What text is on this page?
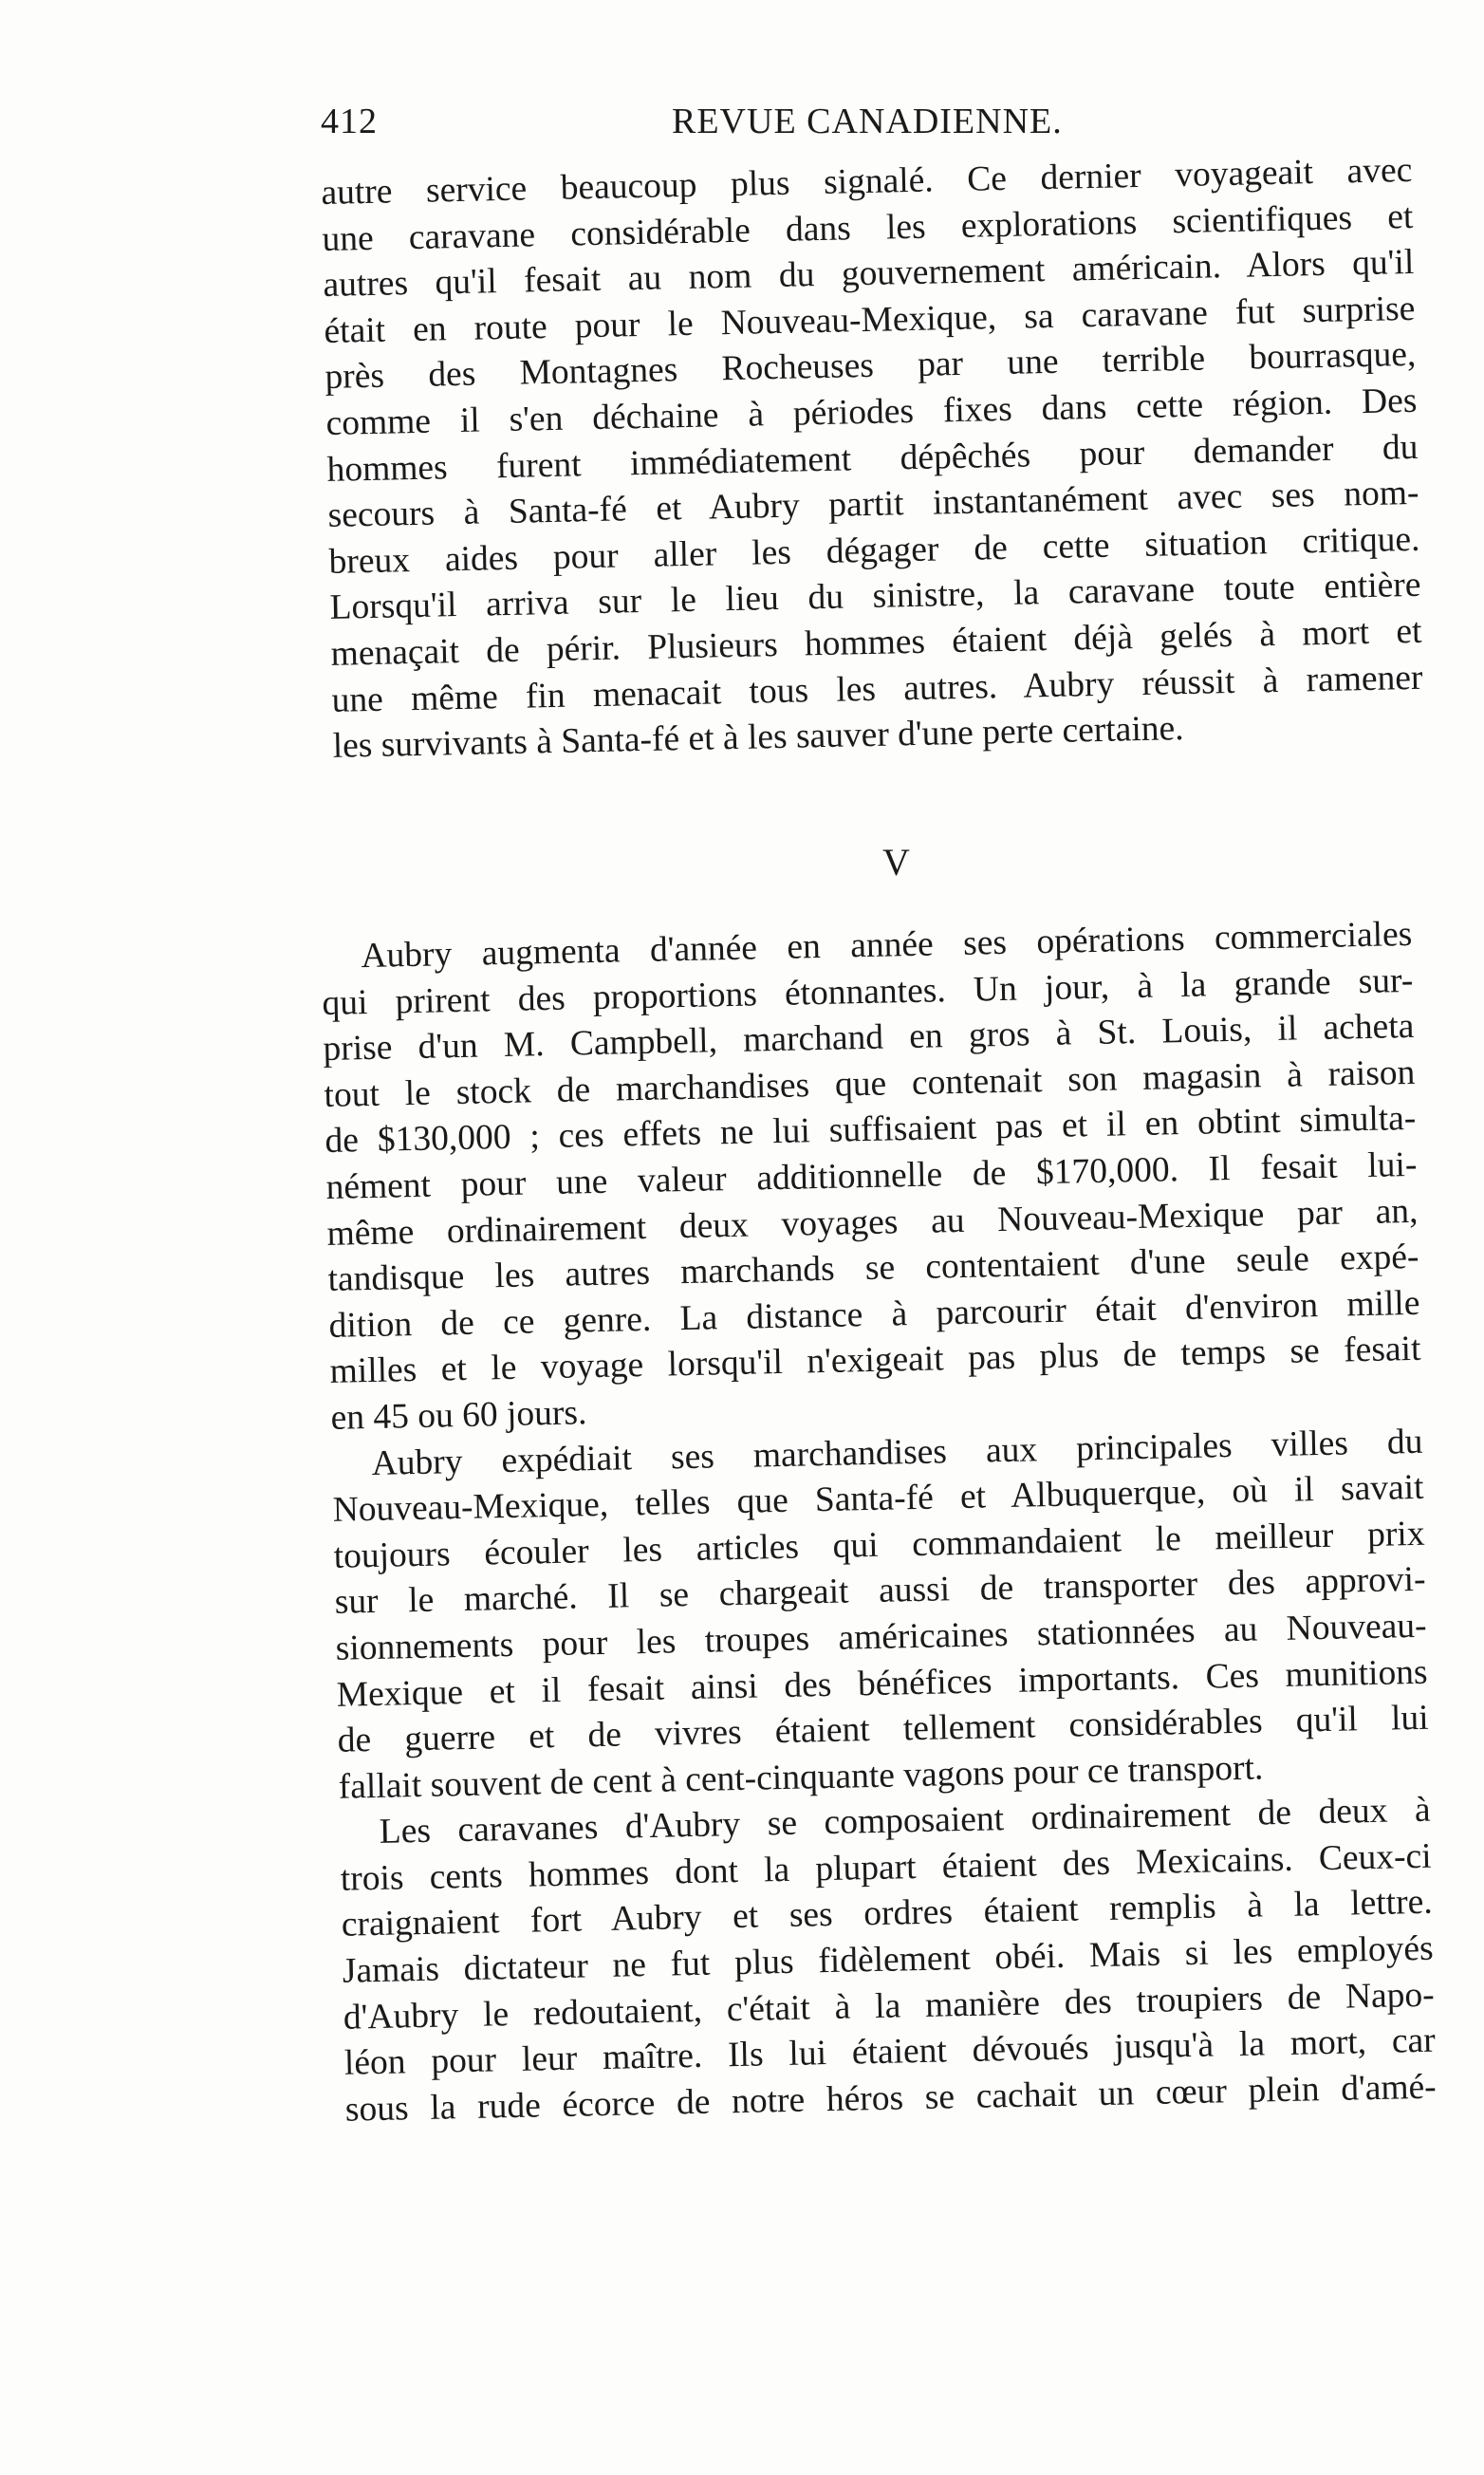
412	REVUE CANADIENNE.
autre service beaucoup plus signalé. Ce dernier voyageait avec
une caravane considérable dans les explorations scientifiques et
autres qu'il fesait au nom du gouvernement américain. Alors qu'il
était en route pour le Nouveau-Mexique, sa caravane fut surprise
près des Montagnes Rocheuses par une terrible bourrasque,
comme il s'en déchaine à périodes fixes dans cette région. Des
hommes furent immédiatement dépêchés pour demander du
secours à Santa-fé et Aubry partit instantanément avec ses nom-
breux aides pour aller les dégager de cette situation critique.
Lorsqu'il arriva sur le lieu du sinistre, la caravane toute entière
menaçait de périr. Plusieurs hommes étaient déjà gelés à mort et
une même fin menacait tous les autres. Aubry réussit à ramener
les survivants à Santa-fé et à les sauver d'une perte certaine.
V
Aubry augmenta d'année en année ses opérations commerciales
qui prirent des proportions étonnantes. Un jour, à la grande sur-
prise d'un M. Campbell, marchand en gros à St. Louis, il acheta
tout le stock de marchandises que contenait son magasin à raison
de $130,000 ; ces effets ne lui suffisaient pas et il en obtint simulta-
nément pour une valeur additionnelle de $170,000. Il fesait lui-
même ordinairement deux voyages au Nouveau-Mexique par an,
tandisque les autres marchands se contentaient d'une seule expé-
dition de ce genre. La distance à parcourir était d'environ mille
milles et le voyage lorsqu'il n'exigeait pas plus de temps se fesait
en 45 ou 60 jours.
Aubry expédiait ses marchandises aux principales villes du
Nouveau-Mexique, telles que Santa-fé et Albuquerque, où il savait
toujours écouler les articles qui commandaient le meilleur prix
sur le marché. Il se chargeait aussi de transporter des approvi-
sionnements pour les troupes américaines stationnées au Nouveau-
Mexique et il fesait ainsi des bénéfices importants. Ces munitions
de guerre et de vivres étaient tellement considérables qu'il lui
fallait souvent de cent à cent-cinquante vagons pour ce transport.
Les caravanes d'Aubry se composaient ordinairement de deux à
trois cents hommes dont la plupart étaient des Mexicains. Ceux-ci
craignaient fort Aubry et ses ordres étaient remplis à la lettre.
Jamais dictateur ne fut plus fidèlement obéi. Mais si les employés
d'Aubry le redoutaient, c'était à la manière des troupiers de Napo-
léon pour leur maître. Ils lui étaient dévoués jusqu'à la mort, car
sous la rude écorce de notre héros se cachait un cœur plein d'amé-
